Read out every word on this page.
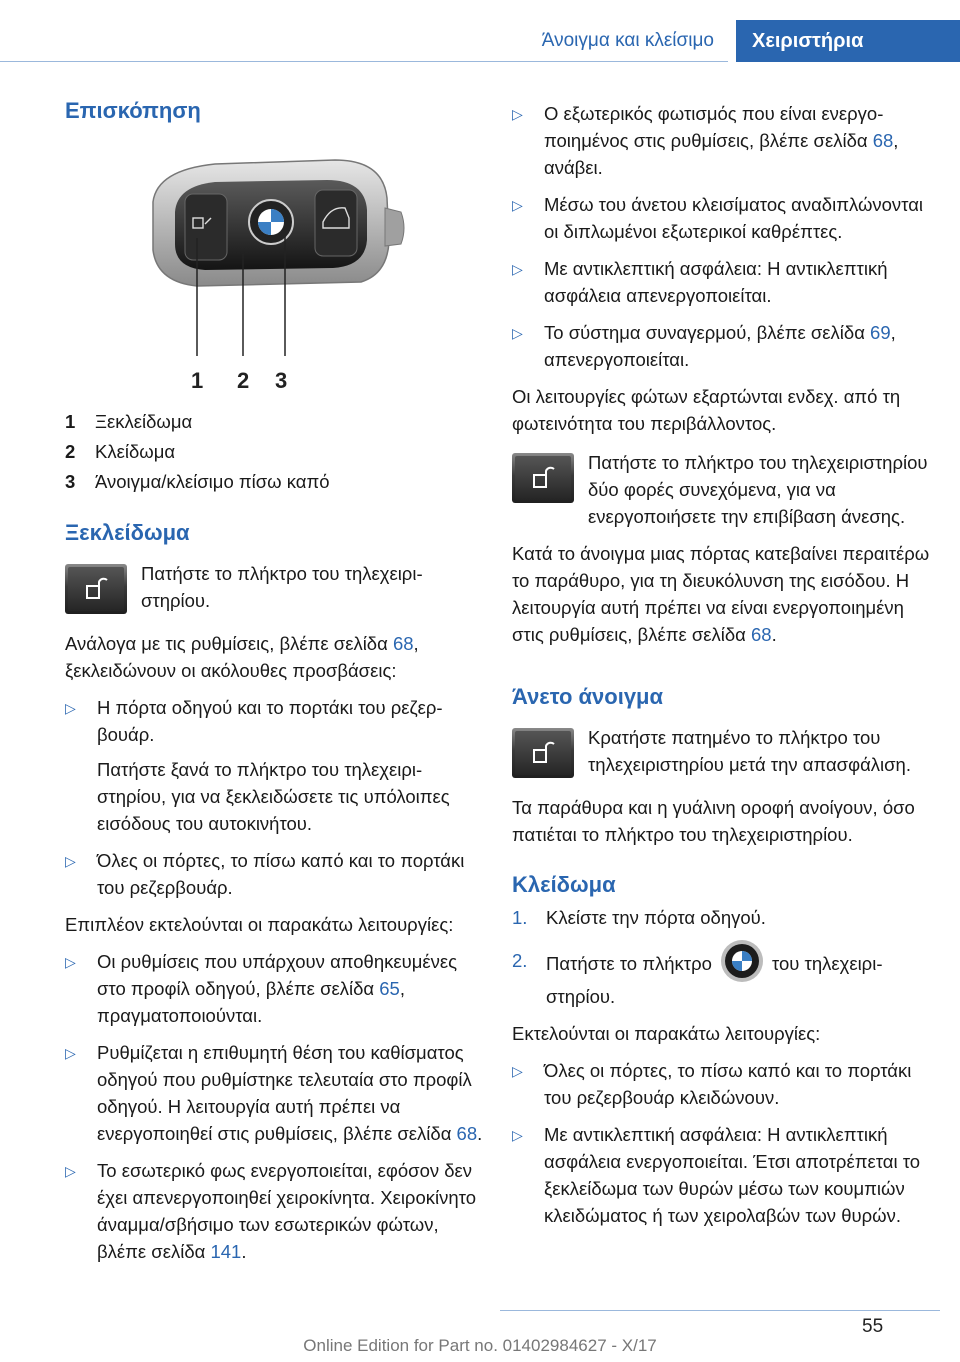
Άνοιγμα και κλείσιμο	Χειριστήρια
Επισκόπηση
1 2 3
1	Ξεκλείδωμα
2	Κλείδωμα
3	Άνοιγμα/κλείσιμο πίσω καπό
Ξεκλείδωμα
Πατήστε το πλήκτρο του τηλεχειριστηρίου.

Ανάλογα με τις ρυθμίσεις, βλέπε σελίδα 68, ξεκλειδώνουν οι ακόλουθες προσβάσεις:

▷	Η πόρτα οδηγού και το πορτάκι του ρεζερβουάρ.
Πατήστε ξανά το πλήκτρο του τηλεχειριστηρίου, για να ξεκλειδώσετε τις υπόλοιπες εισόδους του αυτοκινήτου.
▷	Όλες οι πόρτες, το πίσω καπό και το πορτάκι του ρεζερβουάρ.

Επιπλέον εκτελούνται οι παρακάτω λειτουργίες:

▷	Οι ρυθμίσεις που υπάρχουν αποθηκευμένες στο προφίλ οδηγού, βλέπε σελίδα 65, πραγματοποιούνται.
▷	Ρυθμίζεται η επιθυμητή θέση του καθίσματος οδηγού που ρυθμίστηκε τελευταία στο προφίλ οδηγού. Η λειτουργία αυτή πρέπει να ενεργοποιηθεί στις ρυθμίσεις, βλέπε σελίδα 68.
▷	Το εσωτερικό φως ενεργοποιείται, εφόσον δεν έχει απενεργοποιηθεί χειροκίνητα. Χειροκίνητο άναμμα/σβήσιμο των εσωτερικών φώτων, βλέπε σελίδα 141.
▷	Ο εξωτερικός φωτισμός που είναι ενεργοποιημένος στις ρυθμίσεις, βλέπε σελίδα 68, ανάβει.
▷	Μέσω του άνετου κλεισίματος αναδιπλώνονται οι διπλωμένοι εξωτερικοί καθρέπτες.
▷	Με αντικλεπτική ασφάλεια: Η αντικλεπτική ασφάλεια απενεργοποιείται.
▷	Το σύστημα συναγερμού, βλέπε σελίδα 69, απενεργοποιείται.

Οι λειτουργίες φώτων εξαρτώνται ενδεχ. από τη φωτεινότητα του περιβάλλοντος.

Πατήστε το πλήκτρο του τηλεχειριστηρίου δύο φορές συνεχόμενα, για να ενεργοποιήσετε την επιβίβαση άνεσης.

Κατά το άνοιγμα μιας πόρτας κατεβαίνει περαιτέρω το παράθυρο, για τη διευκόλυνση της εισόδου. Η λειτουργία αυτή πρέπει να είναι ενεργοποιημένη στις ρυθμίσεις, βλέπε σελίδα 68.

Άνετο άνοιγμα
Κρατήστε πατημένο το πλήκτρο του τηλεχειριστηρίου μετά την απασφάλιση.

Τα παράθυρα και η γυάλινη οροφή ανοίγουν, όσο πατιέται το πλήκτρο του τηλεχειριστηρίου.

Κλείδωμα
1.	Κλείστε την πόρτα οδηγού.
2.	Πατήστε το πλήκτρο	του τηλεχειριστηρίου.

Εκτελούνται οι παρακάτω λειτουργίες:

▷	Όλες οι πόρτες, το πίσω καπό και το πορτάκι του ρεζερβουάρ κλειδώνουν.
▷	Με αντικλεπτική ασφάλεια: Η αντικλεπτική ασφάλεια ενεργοποιείται. Έτσι αποτρέπεται το ξεκλείδωμα των θυρών μέσω των κουμπιών κλειδώματος ή των χειρολαβών των θυρών.
55
Online Edition for Part no. 01402984627 - X/17
